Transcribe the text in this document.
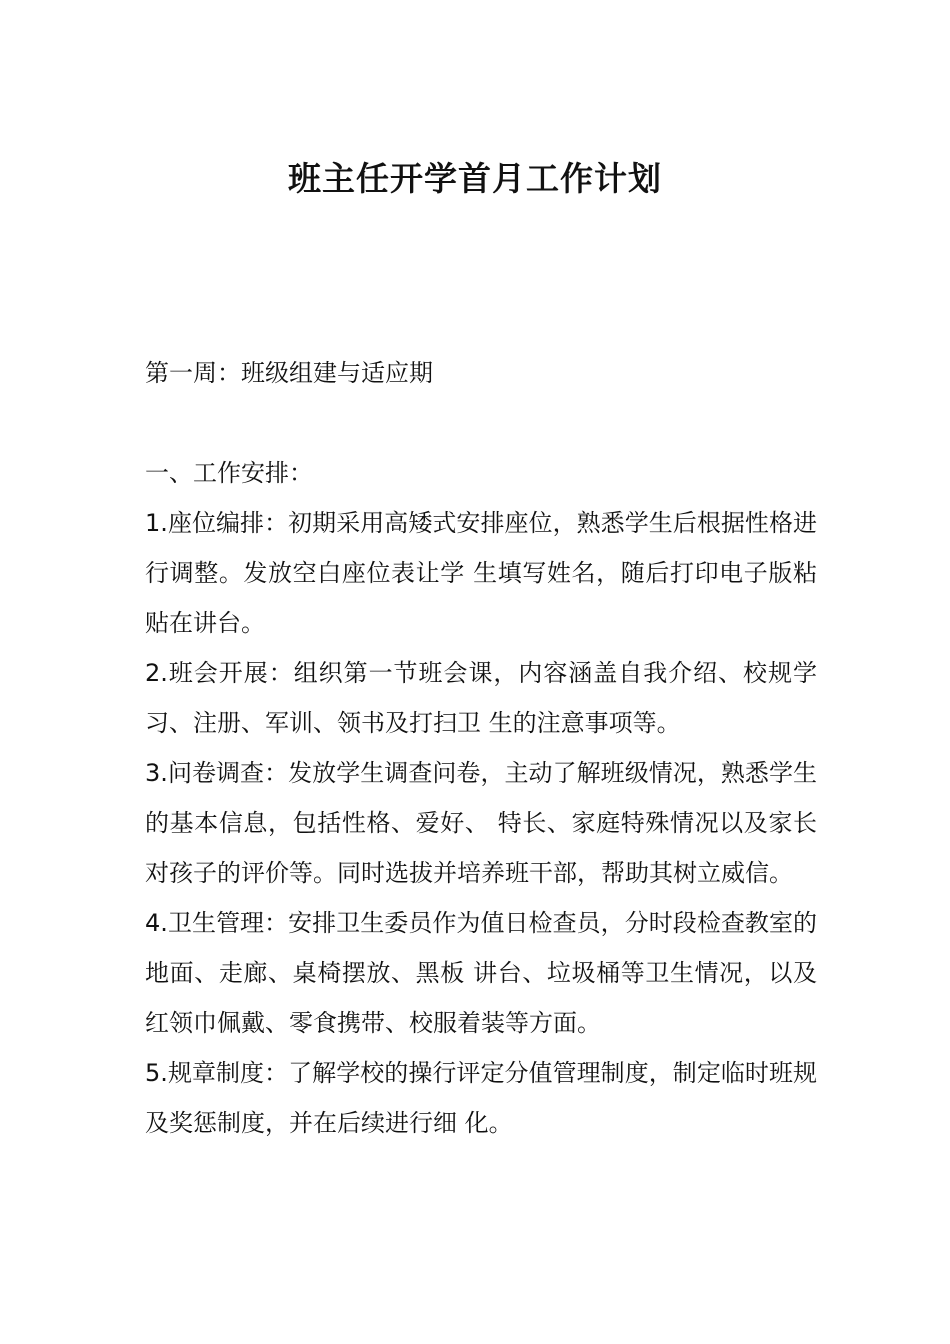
班主任开学首月工作计划

第一周：班级组建与适应期

一、工作安排：

1.座位编排：初期采用高矮式安排座位，熟悉学生后根据性格进行调整。发放空白座位表让学 生填写姓名，随后打印电子版粘贴在讲台。

2.班会开展：组织第一节班会课，内容涵盖自我介绍、校规学习、注册、军训、领书及打扫卫 生的注意事项等。

3.问卷调查：发放学生调查问卷，主动了解班级情况，熟悉学生的基本信息，包括性格、爱好、 特长、家庭特殊情况以及家长对孩子的评价等。同时选拔并培养班干部，帮助其树立威信。

4.卫生管理：安排卫生委员作为值日检查员，分时段检查教室的地面、走廊、桌椅摆放、黑板 讲台、垃圾桶等卫生情况，以及红领巾佩戴、零食携带、校服着装等方面。

5.规章制度：了解学校的操行评定分值管理制度，制定临时班规及奖惩制度，并在后续进行细 化。
